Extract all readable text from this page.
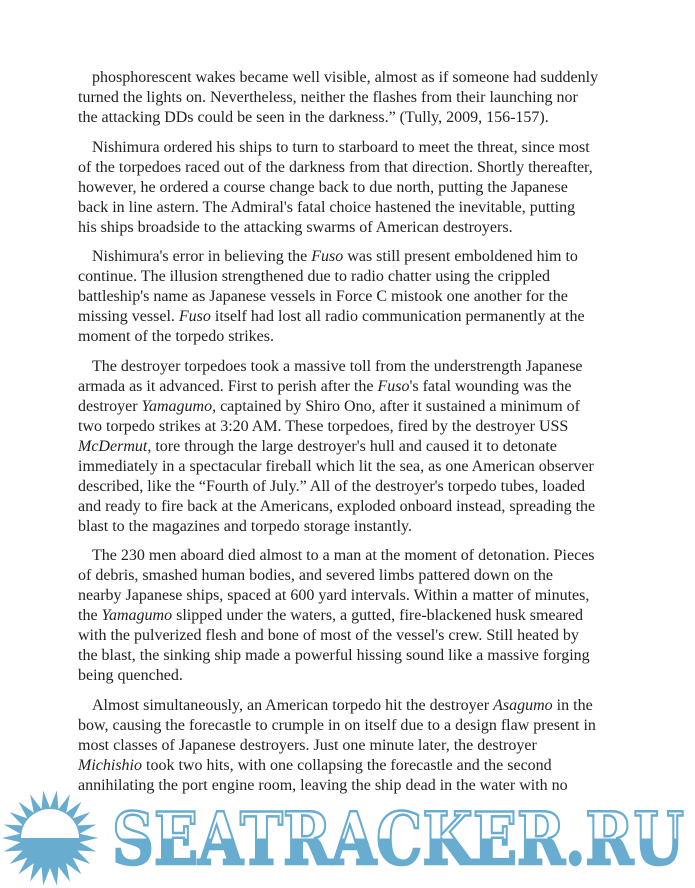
phosphorescent wakes became well visible, almost as if someone had suddenly
turned the lights on. Nevertheless, neither the flashes from their launching nor
the attacking DDs could be seen in the darkness.” (Tully, 2009, 156-157).

Nishimura ordered his ships to turn to starboard to meet the threat, since most
of the torpedoes raced out of the darkness from that direction. Shortly thereafter,
however, he ordered a course change back to due north, putting the Japanese
back in line astern. The Admiral's fatal choice hastened the inevitable, putting
his ships broadside to the attacking swarms of American destroyers.

Nishimura's error in believing the Fuso was still present emboldened him to
continue. The illusion strengthened due to radio chatter using the crippled
battleship's name as Japanese vessels in Force C mistook one another for the
missing vessel. Fuso itself had lost all radio communication permanently at the
moment of the torpedo strikes.

The destroyer torpedoes took a massive toll from the understrength Japanese
armada as it advanced. First to perish after the Fuso's fatal wounding was the
destroyer Yamagumo, captained by Shiro Ono, after it sustained a minimum of
two torpedo strikes at 3:20 AM. These torpedoes, fired by the destroyer USS
McDermut, tore through the large destroyer's hull and caused it to detonate
immediately in a spectacular fireball which lit the sea, as one American observer
described, like the “Fourth of July.” All of the destroyer's torpedo tubes, loaded
and ready to fire back at the Americans, exploded onboard instead, spreading the
blast to the magazines and torpedo storage instantly.

The 230 men aboard died almost to a man at the moment of detonation. Pieces
of debris, smashed human bodies, and severed limbs pattered down on the
nearby Japanese ships, spaced at 600 yard intervals. Within a matter of minutes,
the Yamagumo slipped under the waters, a gutted, fire-blackened husk smeared
with the pulverized flesh and bone of most of the vessel's crew. Still heated by
the blast, the sinking ship made a powerful hissing sound like a massive forging
being quenched.

Almost simultaneously, an American torpedo hit the destroyer Asagumo in the
bow, causing the forecastle to crumple in on itself due to a design flaw present in
most classes of Japanese destroyers. Just one minute later, the destroyer
Michishio took two hits, with one collapsing the forecastle and the second
annihilating the port engine room, leaving the ship dead in the water with no

SEATRACKER.RU
